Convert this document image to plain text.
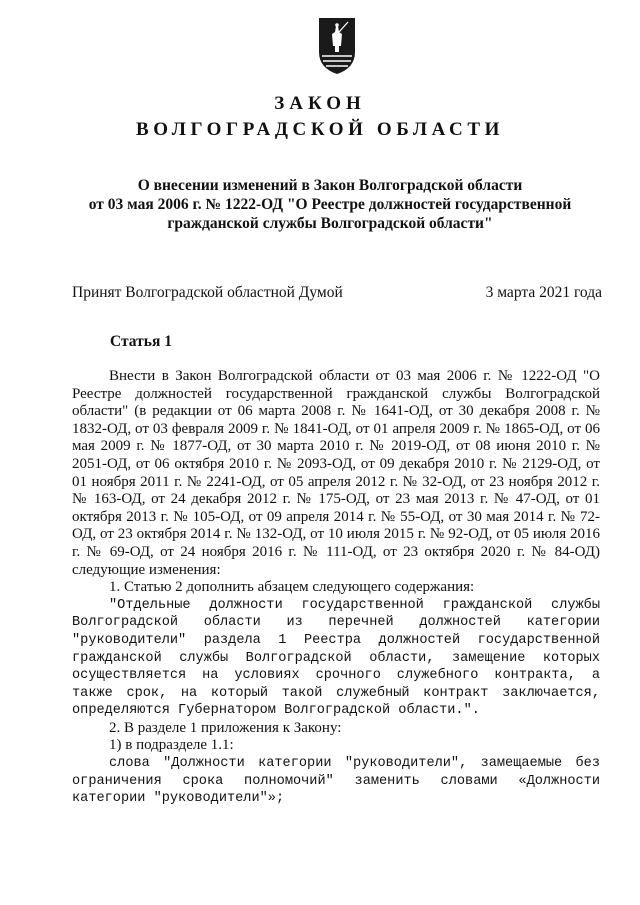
ЗАКОН
ВОЛГОГРАДСКОЙ ОБЛАСТИ
О внесении изменений в Закон Волгоградской области
от 03 мая 2006 г. № 1222-ОД "О Реестре должностей государственной
гражданской службы Волгоградской области"
Принят Волгоградской областной Думой	3 марта 2021 года
Статья 1

Внести в Закон Волгоградской области от 03 мая 2006 г. № 1222-ОД "О Реестре должностей государственной гражданской службы Волгоградской области" (в редакции от 06 марта 2008 г. № 1641-ОД, от 30 декабря 2008 г. № 1832-ОД, от 03 февраля 2009 г. № 1841-ОД, от 01 апреля 2009 г. № 1865-ОД, от 06 мая 2009 г. № 1877-ОД, от 30 марта 2010 г. № 2019-ОД, от 08 июня 2010 г. № 2051-ОД, от 06 октября 2010 г. № 2093-ОД, от 09 декабря 2010 г. № 2129-ОД, от 01 ноября 2011 г. № 2241-ОД, от 05 апреля 2012 г. № 32-ОД, от 23 ноября 2012 г. № 163-ОД, от 24 декабря 2012 г. № 175-ОД, от 23 мая 2013 г. № 47-ОД, от 01 октября 2013 г. № 105-ОД, от 09 апреля 2014 г. № 55-ОД, от 30 мая 2014 г. № 72-ОД, от 23 октября 2014 г. № 132-ОД, от 10 июля 2015 г. № 92-ОД, от 05 июля 2016 г. № 69-ОД, от 24 ноября 2016 г. № 111-ОД, от 23 октября 2020 г. № 84-ОД) следующие изменения:

1. Статью 2 дополнить абзацем следующего содержания:

"Отдельные должности государственной гражданской службы Волгоградской области из перечней должностей категории "руководители" раздела 1 Реестра должностей государственной гражданской службы Волгоградской области, замещение которых осуществляется на условиях срочного служебного контракта, а также срок, на который такой служебный контракт заключается, определяются Губернатором Волгоградской области.".

2. В разделе 1 приложения к Закону:

1) в подразделе 1.1:

слова "Должности категории "руководители", замещаемые без ограничения срока полномочий" заменить словами «Должности категории "руководители"»;
